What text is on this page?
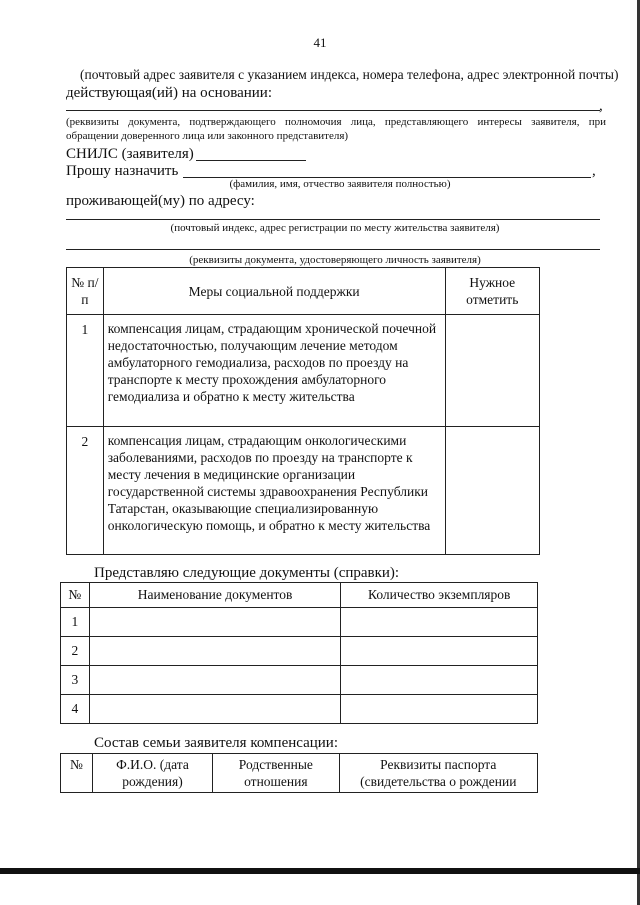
41
(почтовый адрес заявителя с указанием индекса, номера телефона, адрес электронной почты)
действующая(ий) на основании:
,
(реквизиты документа, подтверждающего полномочия лица, представляющего интересы заявителя, при обращении доверенного лица или законного представителя)
СНИЛС (заявителя)
Прошу назначить	,
(фамилия, имя, отчество заявителя полностью)
проживающей(му) по адресу:
(почтовый индекс, адрес регистрации по месту жительства заявителя)
(реквизиты документа, удостоверяющего личность заявителя)
№ п/п	Меры социальной поддержки	Нужное отметить
1	компенсация лицам, страдающим хронической почечной недостаточностью, получающим лечение методом амбулаторного гемодиализа, расходов по проезду на транспорте к месту прохождения амбулаторного гемодиализа и обратно к месту жительства	
2	компенсация лицам, страдающим онкологическими заболеваниями, расходов по проезду на транспорте к месту лечения в медицинские организации государственной системы здравоохранения Республики Татарстан, оказывающие специализированную онкологическую помощь, и обратно к месту жительства	
Представляю следующие документы (справки):
№	Наименование документов	Количество экземпляров
1		
2		
3		
4		
Состав семьи заявителя компенсации:
№	Ф.И.О. (дата рождения)	Родственные отношения	Реквизиты паспорта (свидетельства о рождении
